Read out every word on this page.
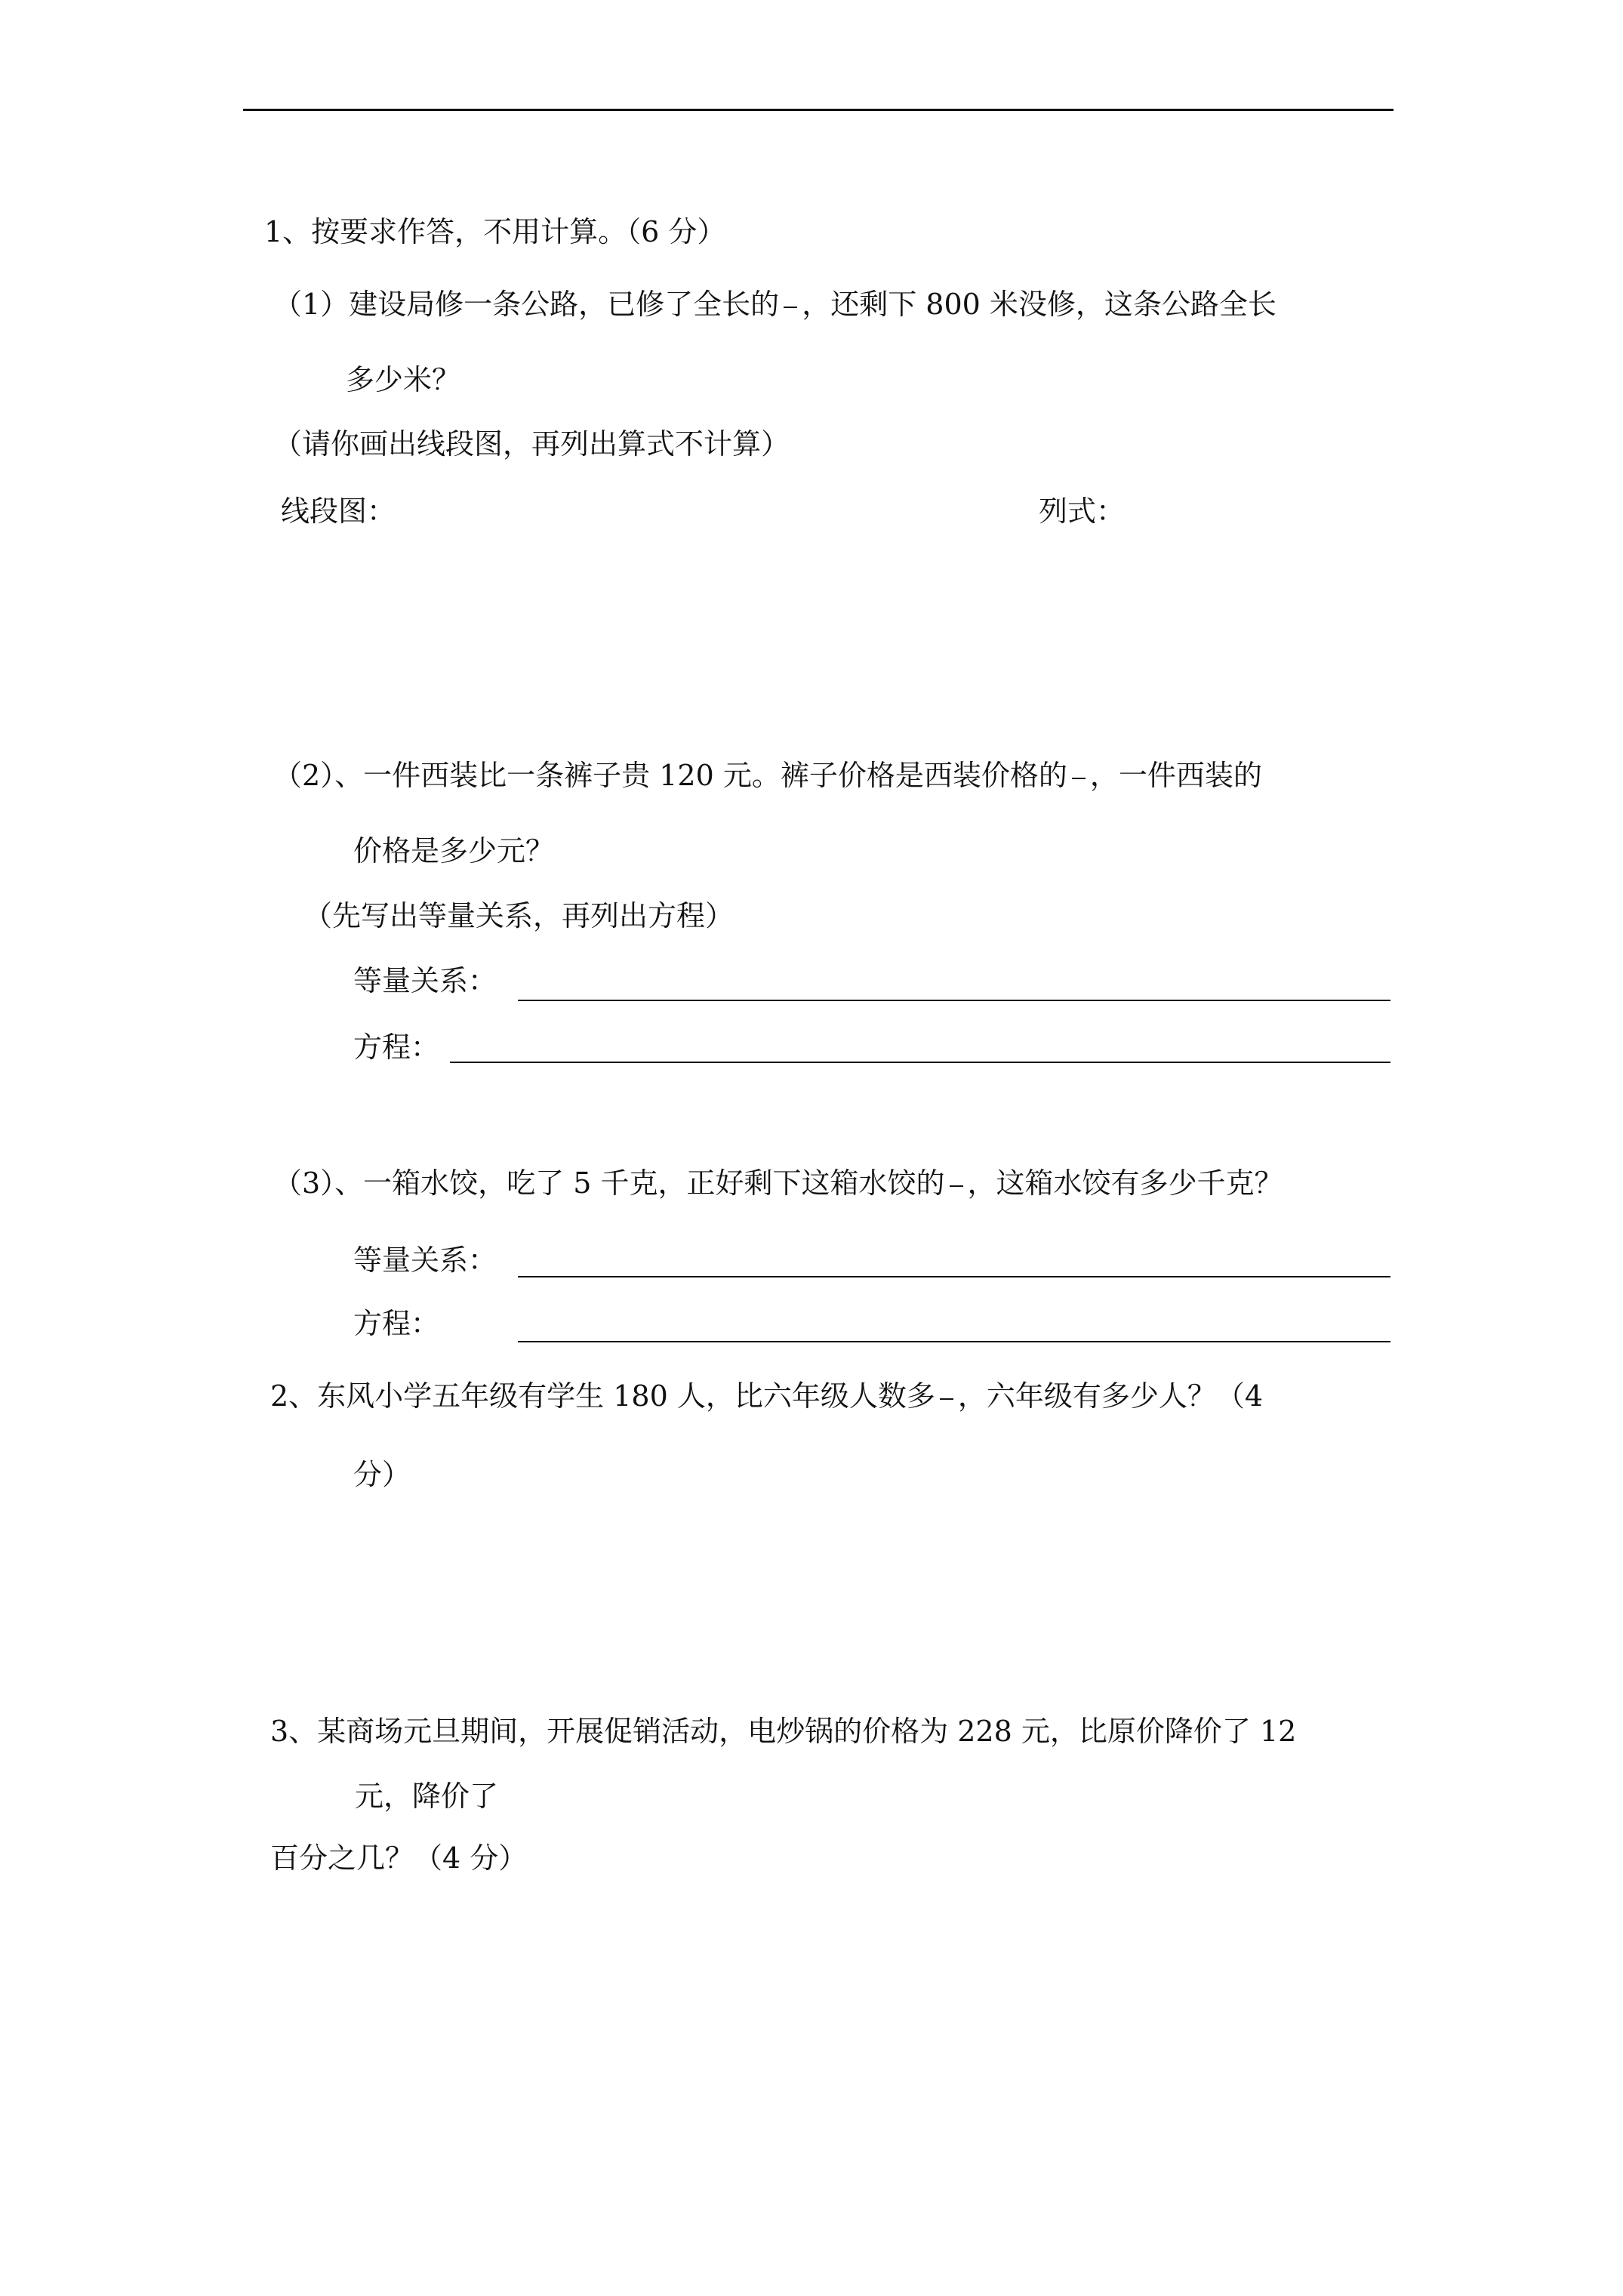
1、按要求作答，不用计算。（6 分）
（1）建设局修一条公路，已修了全长的 ，还剩下 800 米没修，这条公路全长
多少米？
（请你画出线段图，再列出算式不计算）
线段图：	列式：
（2）、一件西装比一条裤子贵 120 元。裤子价格是西装价格的 ，一件西装的
价格是多少元？
（先写出等量关系，再列出方程）
等量关系：
方程：
（3）、一箱水饺，吃了 5 千克，正好剩下这箱水饺的 ，这箱水饺有多少千克？
等量关系：
方程：
2、东风小学五年级有学生 180 人，比六年级人数多 ，六年级有多少人？（4
分）
3、某商场元旦期间，开展促销活动，电炒锅的价格为 228 元，比原价降价了 12
元，降价了
百分之几？（4 分）
